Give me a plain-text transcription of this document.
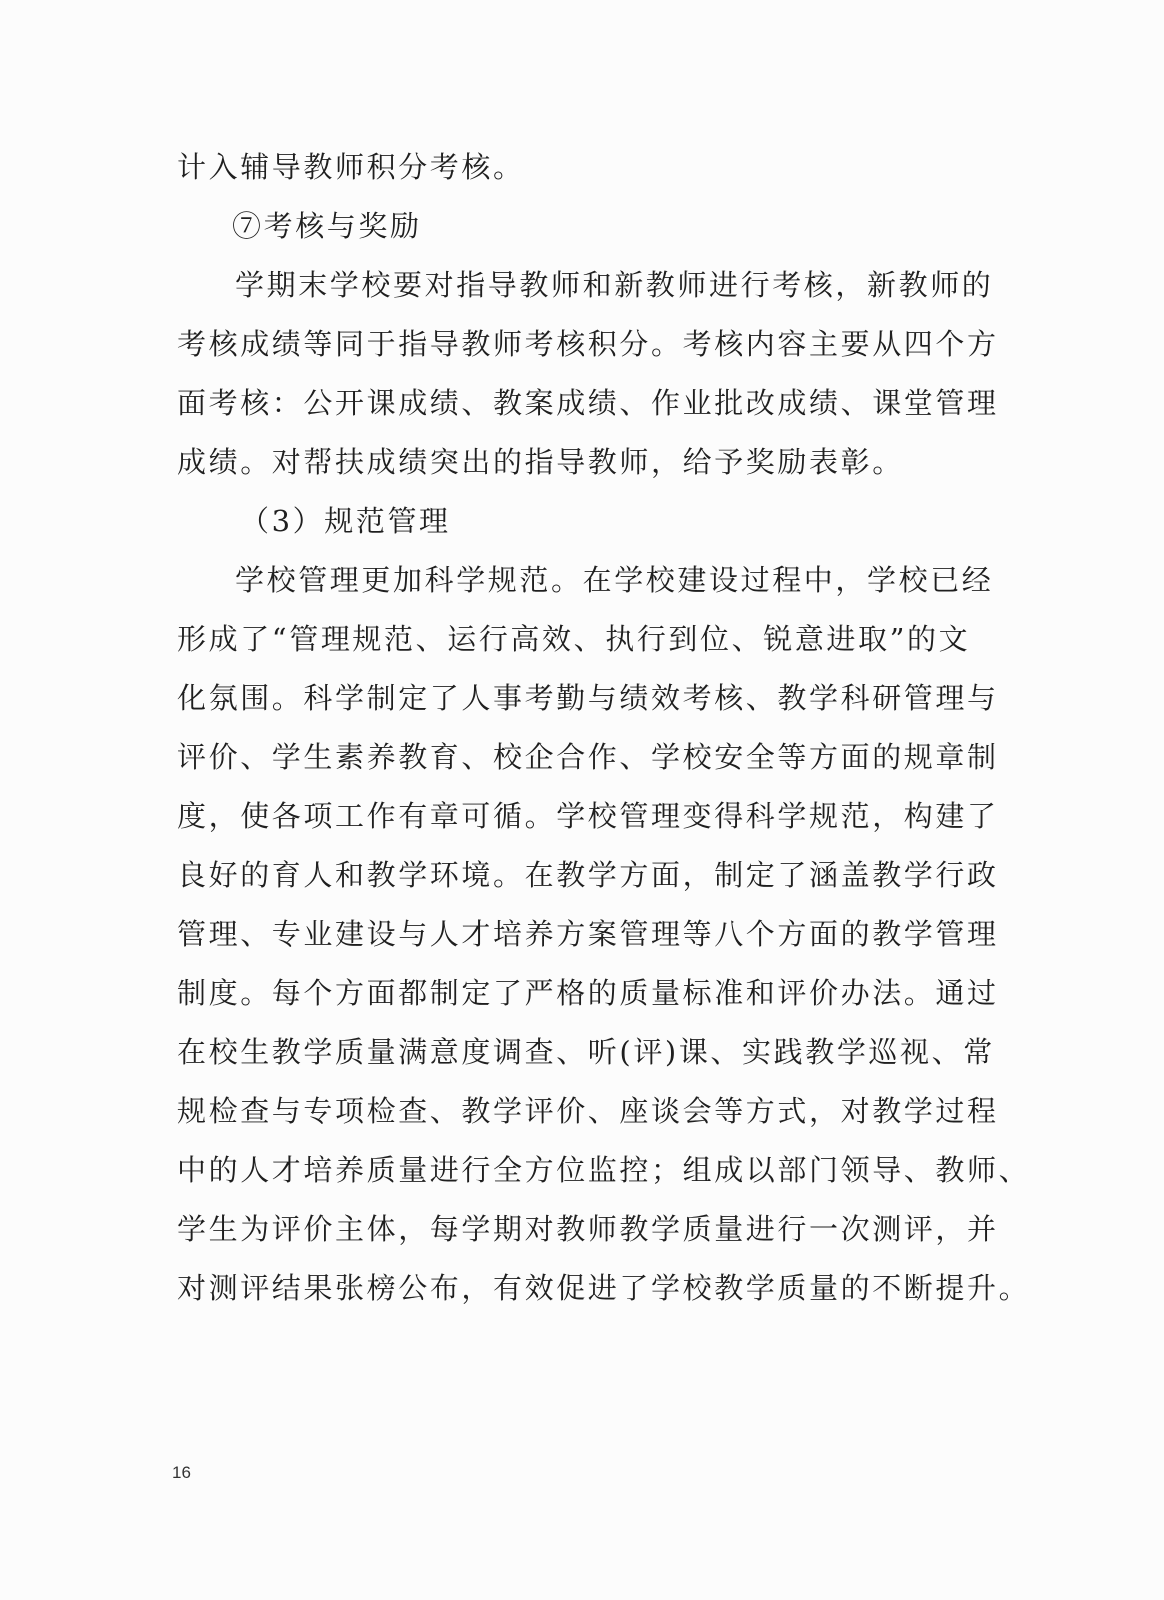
计入辅导教师积分考核。
⑦考核与奖励
学期末学校要对指导教师和新教师进行考核，新教师的
考核成绩等同于指导教师考核积分。考核内容主要从四个方
面考核：公开课成绩、教案成绩、作业批改成绩、课堂管理
成绩。对帮扶成绩突出的指导教师，给予奖励表彰。
（3）规范管理
学校管理更加科学规范。在学校建设过程中，学校已经
形成了“管理规范、运行高效、执行到位、锐意进取”的文
化氛围。科学制定了人事考勤与绩效考核、教学科研管理与
评价、学生素养教育、校企合作、学校安全等方面的规章制
度，使各项工作有章可循。学校管理变得科学规范，构建了
良好的育人和教学环境。在教学方面，制定了涵盖教学行政
管理、专业建设与人才培养方案管理等八个方面的教学管理
制度。每个方面都制定了严格的质量标准和评价办法。通过
在校生教学质量满意度调查、听(评)课、实践教学巡视、常
规检查与专项检查、教学评价、座谈会等方式，对教学过程
中的人才培养质量进行全方位监控；组成以部门领导、教师、
学生为评价主体，每学期对教师教学质量进行一次测评，并
对测评结果张榜公布，有效促进了学校教学质量的不断提升。
16
